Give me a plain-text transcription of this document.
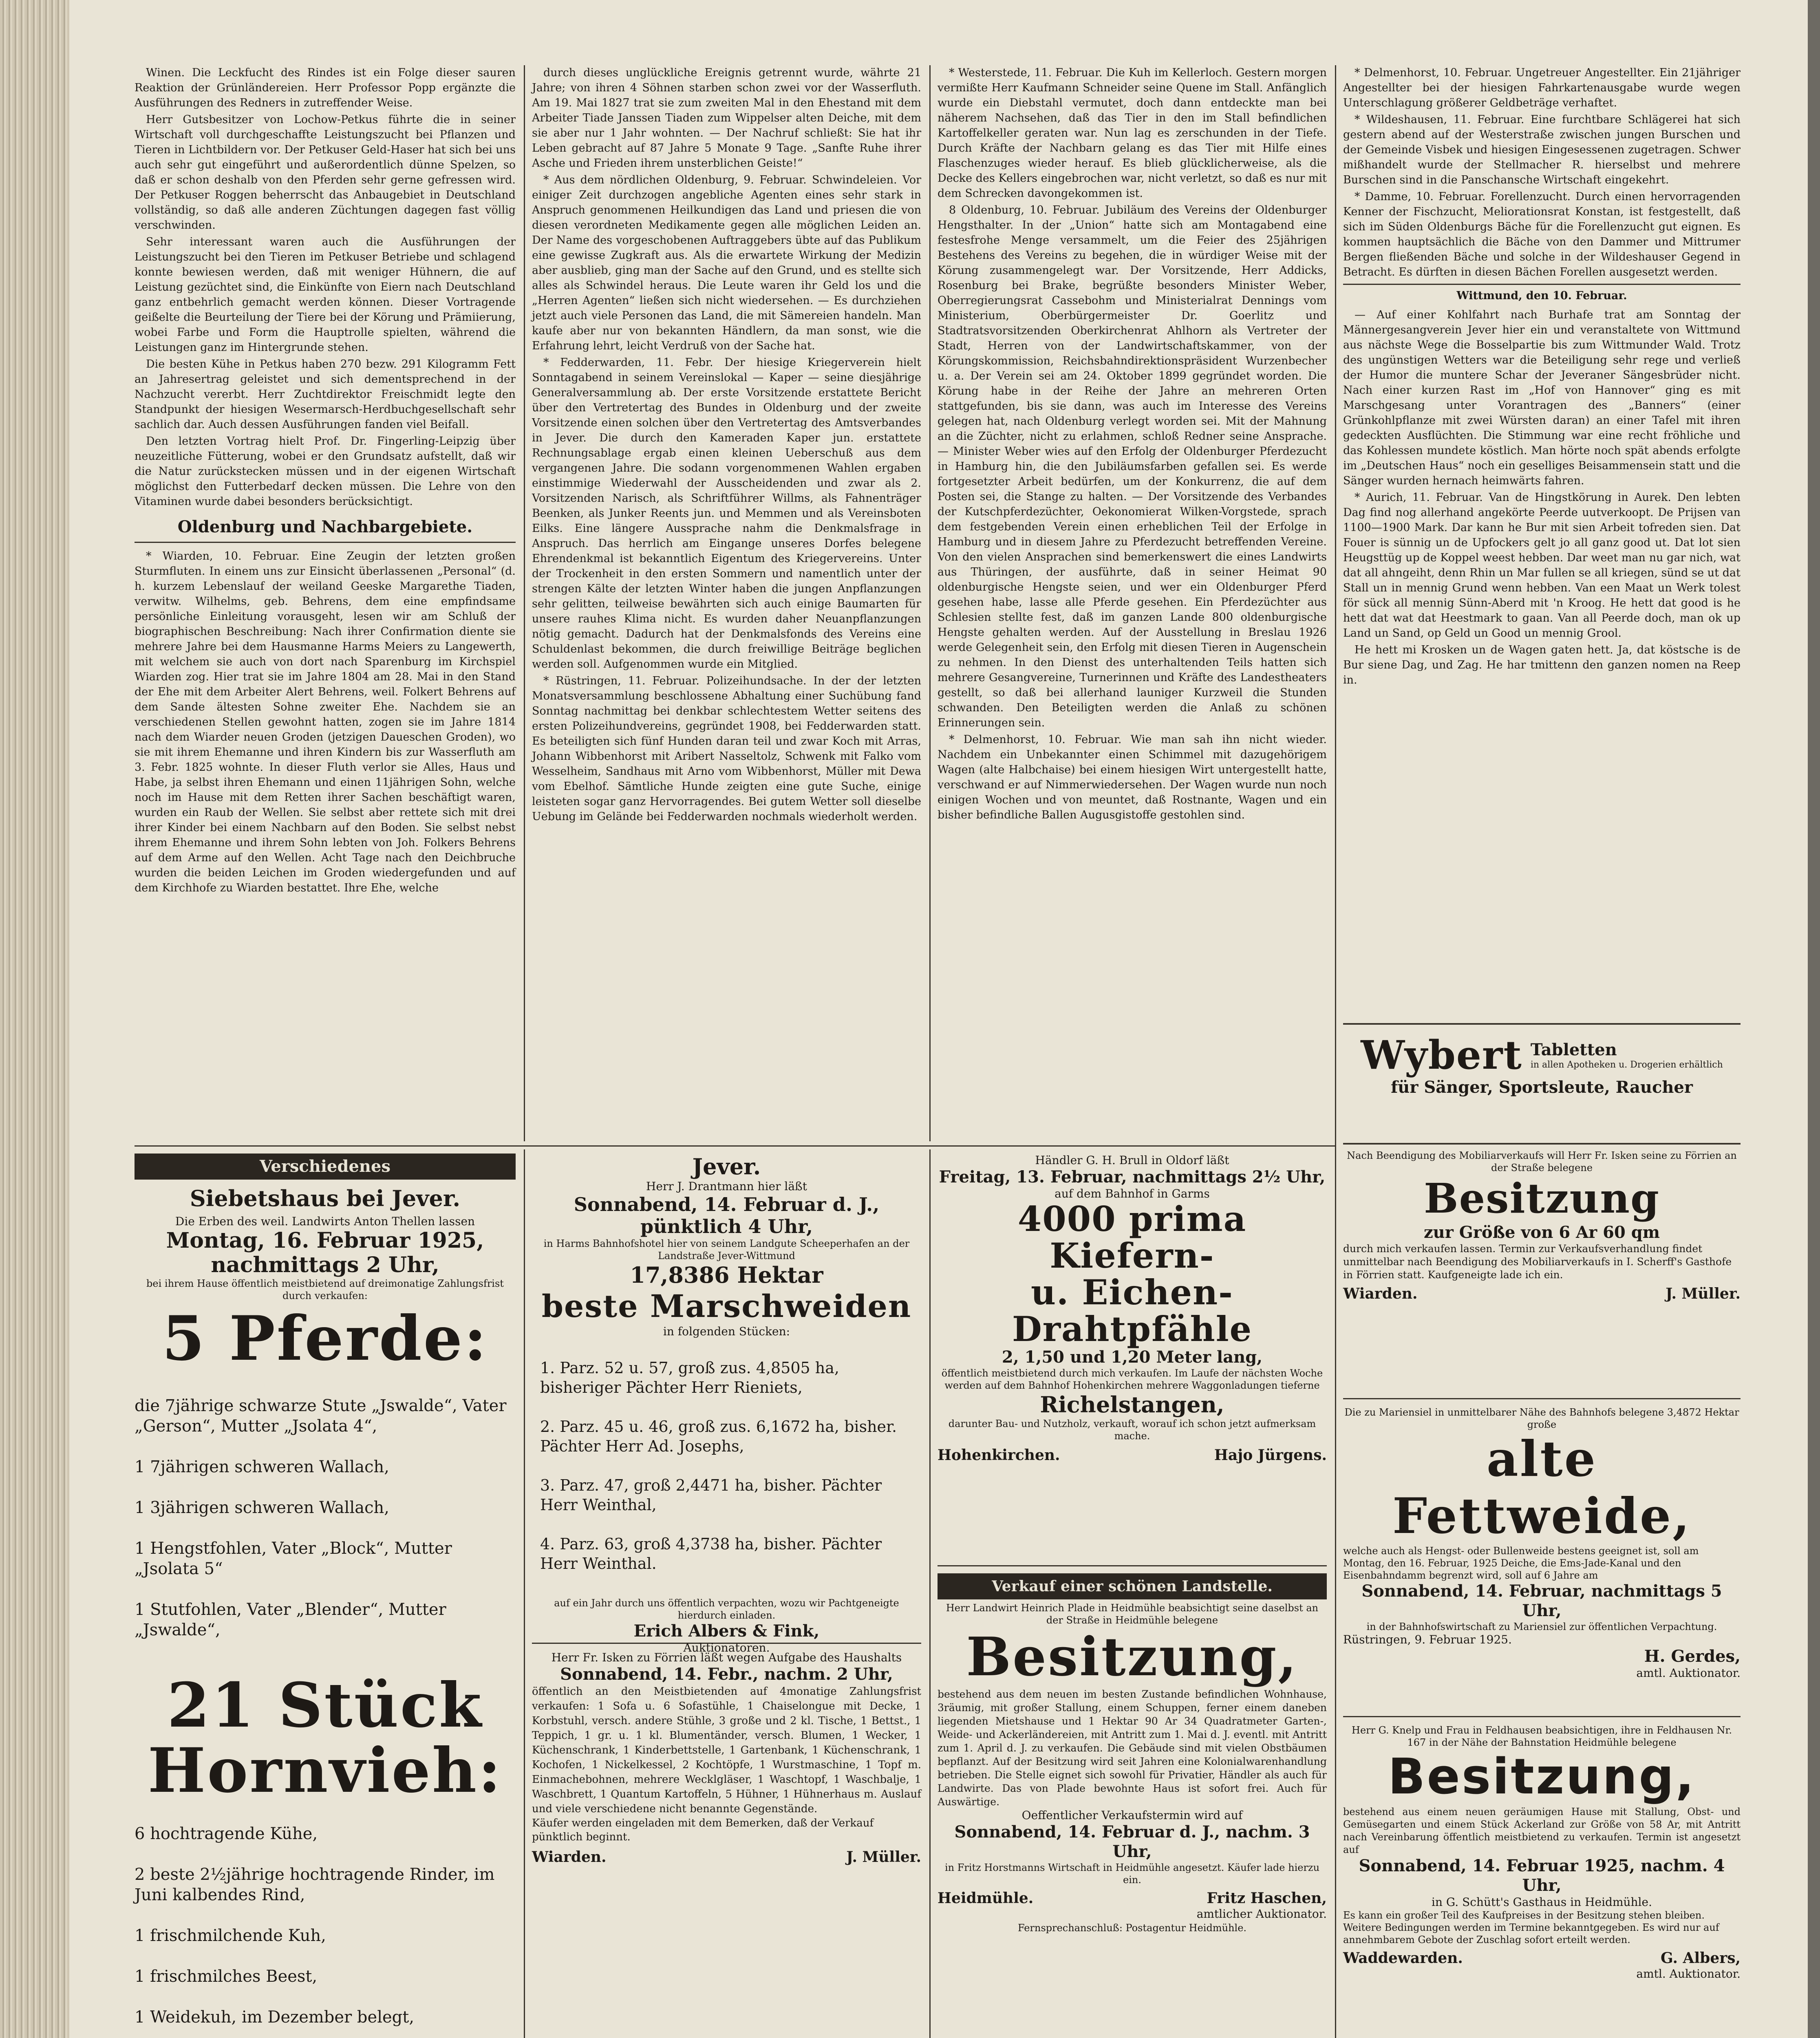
Winen. Die Leckfucht des Rindes ist ein Folge dieser sauren Reaktion der Grünländereien. Herr Professor Popp ergänzte die Ausführungen des Redners in zutreffender Weise.

Herr Gutsbesitzer von Lochow-Petkus führte die in seiner Wirtschaft voll durchgeschaffte Leistungszucht bei Pflanzen und Tieren in Lichtbildern vor. Der Petkuser Geld-Haser hat sich bei uns auch sehr gut eingeführt und außerordentlich dünne Spelzen, so daß er schon deshalb von den Pferden sehr gerne gefressen wird. Der Petkuser Roggen beherrscht das Anbaugebiet in Deutschland vollständig, so daß alle anderen Züchtungen dagegen fast völlig verschwinden.

Sehr interessant waren auch die Ausführungen der Leistungszucht bei den Tieren im Petkuser Betriebe und schlagend konnte bewiesen werden, daß mit weniger Hühnern, die auf Leistung gezüchtet sind, die Einkünfte von Eiern nach Deutschland ganz entbehrlich gemacht werden können. Dieser Vortragende geißelte die Beurteilung der Tiere bei der Körung und Prämiierung, wobei Farbe und Form die Hauptrolle spielten, während die Leistungen ganz im Hintergrunde stehen.

Die besten Kühe in Petkus haben 270 bezw. 291 Kilogramm Fett an Jahresertrag geleistet und sich dementsprechend in der Nachzucht vererbt. Herr Zuchtdirektor Freischmidt legte den Standpunkt der hiesigen Wesermarsch-Herdbuchgesellschaft sehr sachlich dar. Auch dessen Ausführungen fanden viel Beifall.

Den letzten Vortrag hielt Prof. Dr. Fingerling-Leipzig über neuzeitliche Fütterung, wobei er den Grundsatz aufstellt, daß wir die Natur zurückstecken müssen und in der eigenen Wirtschaft möglichst den Futterbedarf decken müssen. Die Lehre von den Vitaminen wurde dabei besonders berücksichtigt.

Oldenburg und Nachbargebiete.

* Wiarden, 10. Februar. Eine Zeugin der letzten großen Sturmfluten. In einem uns zur Einsicht überlassenen „Personal“ (d. h. kurzem Lebenslauf der weiland Geeske Margarethe Tiaden, verwitw. Wilhelms, geb. Behrens, dem eine empfindsame persönliche Einleitung vorausgeht, lesen wir am Schluß der biographischen Beschreibung: Nach ihrer Confirmation diente sie mehrere Jahre bei dem Hausmanne Harms Meiers zu Langewerth, mit welchem sie auch von dort nach Sparenburg im Kirchspiel Wiarden zog. Hier trat sie im Jahre 1804 am 28. Mai in den Stand der Ehe mit dem Arbeiter Alert Behrens, weil. Folkert Behrens auf dem Sande ältesten Sohne zweiter Ehe. Nachdem sie an verschiedenen Stellen gewohnt hatten, zogen sie im Jahre 1814 nach dem Wiarder neuen Groden (jetzigen Daueschen Groden), wo sie mit ihrem Ehemanne und ihren Kindern bis zur Wasserfluth am 3. Febr. 1825 wohnte. In dieser Fluth verlor sie Alles, Haus und Habe, ja selbst ihren Ehemann und einen 11jährigen Sohn, welche noch im Hause mit dem Retten ihrer Sachen beschäftigt waren, wurden ein Raub der Wellen. Sie selbst aber rettete sich mit drei ihrer Kinder bei einem Nachbarn auf den Boden. Sie selbst nebst ihrem Ehemanne und ihrem Sohn lebten von Joh. Folkers Behrens auf dem Arme auf den Wellen. Acht Tage nach den Deichbruche wurden die beiden Leichen im Groden wiedergefunden und auf dem Kirchhofe zu Wiarden bestattet. Ihre Ehe, welche

durch dieses unglückliche Ereignis getrennt wurde, währte 21 Jahre; von ihren 4 Söhnen starben schon zwei vor der Wasserfluth. Am 19. Mai 1827 trat sie zum zweiten Mal in den Ehestand mit dem Arbeiter Tiade Janssen Tiaden zum Wippelser alten Deiche, mit dem sie aber nur 1 Jahr wohnten. — Der Nachruf schließt: Sie hat ihr Leben gebracht auf 87 Jahre 5 Monate 9 Tage. „Sanfte Ruhe ihrer Asche und Frieden ihrem unsterblichen Geiste!“

* Aus dem nördlichen Oldenburg, 9. Februar. Schwindeleien. Vor einiger Zeit durchzogen angebliche Agenten eines sehr stark in Anspruch genommenen Heilkundigen das Land und priesen die von diesen verordneten Medikamente gegen alle möglichen Leiden an. Der Name des vorgeschobenen Auftraggebers übte auf das Publikum eine gewisse Zugkraft aus. Als die erwartete Wirkung der Medizin aber ausblieb, ging man der Sache auf den Grund, und es stellte sich alles als Schwindel heraus. Die Leute waren ihr Geld los und die „Herren Agenten“ ließen sich nicht wiedersehen. — Es durchziehen jetzt auch viele Personen das Land, die mit Sämereien handeln. Man kaufe aber nur von bekannten Händlern, da man sonst, wie die Erfahrung lehrt, leicht Verdruß von der Sache hat.

* Fedderwarden, 11. Febr. Der hiesige Kriegerverein hielt Sonntagabend in seinem Vereinslokal — Kaper — seine diesjährige Generalversammlung ab. Der erste Vorsitzende erstattete Bericht über den Vertretertag des Bundes in Oldenburg und der zweite Vorsitzende einen solchen über den Vertretertag des Amtsverbandes in Jever. Die durch den Kameraden Kaper jun. erstattete Rechnungsablage ergab einen kleinen Ueberschuß aus dem vergangenen Jahre. Die sodann vorgenommenen Wahlen ergaben einstimmige Wiederwahl der Ausscheidenden und zwar als 2. Vorsitzenden Narisch, als Schriftführer Willms, als Fahnenträger Beenken, als Junker Reents jun. und Memmen und als Vereinsboten Eilks. Eine längere Aussprache nahm die Denkmalsfrage in Anspruch. Das herrlich am Eingange unseres Dorfes belegene Ehrendenkmal ist bekanntlich Eigentum des Kriegervereins. Unter der Trockenheit in den ersten Sommern und namentlich unter der strengen Kälte der letzten Winter haben die jungen Anpflanzungen sehr gelitten, teilweise bewährten sich auch einige Baumarten für unsere rauhes Klima nicht. Es wurden daher Neuanpflanzungen nötig gemacht. Dadurch hat der Denkmalsfonds des Vereins eine Schuldenlast bekommen, die durch freiwillige Beiträge beglichen werden soll. Aufgenommen wurde ein Mitglied.

* Rüstringen, 11. Februar. Polizeihundsache. In der der letzten Monatsversammlung beschlossene Abhaltung einer Suchübung fand Sonntag nachmittag bei denkbar schlechtestem Wetter seitens des ersten Polizeihundvereins, gegründet 1908, bei Fedderwarden statt. Es beteiligten sich fünf Hunden daran teil und zwar Koch mit Arras, Johann Wibbenhorst mit Aribert Nasseltolz, Schwenk mit Falko vom Wesselheim, Sandhaus mit Arno vom Wibbenhorst, Müller mit Dewa vom Ebelhof. Sämtliche Hunde zeigten eine gute Suche, einige leisteten sogar ganz Hervorragendes. Bei gutem Wetter soll dieselbe Uebung im Gelände bei Fedderwarden nochmals wiederholt werden.

* Westerstede, 11. Februar. Die Kuh im Kellerloch. Gestern morgen vermißte Herr Kaufmann Schneider seine Quene im Stall. Anfänglich wurde ein Diebstahl vermutet, doch dann entdeckte man bei näherem Nachsehen, daß das Tier in den im Stall befindlichen Kartoffelkeller geraten war. Nun lag es zerschunden in der Tiefe. Durch Kräfte der Nachbarn gelang es das Tier mit Hilfe eines Flaschenzuges wieder herauf. Es blieb glücklicherweise, als die Decke des Kellers eingebrochen war, nicht verletzt, so daß es nur mit dem Schrecken davongekommen ist.

8 Oldenburg, 10. Februar. Jubiläum des Vereins der Oldenburger Hengsthalter. In der „Union“ hatte sich am Montagabend eine festesfrohe Menge versammelt, um die Feier des 25jährigen Bestehens des Vereins zu begehen, die in würdiger Weise mit der Körung zusammengelegt war. Der Vorsitzende, Herr Addicks, Rosenburg bei Brake, begrüßte besonders Minister Weber, Oberregierungsrat Cassebohm und Ministerialrat Dennings vom Ministerium, Oberbürgermeister Dr. Goerlitz und Stadtratsvorsitzenden Oberkirchenrat Ahlhorn als Vertreter der Stadt, Herren von der Landwirtschaftskammer, von der Körungskommission, Reichsbahndirektionspräsident Wurzenbecher u. a. Der Verein sei am 24. Oktober 1899 gegründet worden. Die Körung habe in der Reihe der Jahre an mehreren Orten stattgefunden, bis sie dann, was auch im Interesse des Vereins gelegen hat, nach Oldenburg verlegt worden sei. Mit der Mahnung an die Züchter, nicht zu erlahmen, schloß Redner seine Ansprache. — Minister Weber wies auf den Erfolg der Oldenburger Pferdezucht in Hamburg hin, die den Jubiläumsfarben gefallen sei. Es werde fortgesetzter Arbeit bedürfen, um der Konkurrenz, die auf dem Posten sei, die Stange zu halten. — Der Vorsitzende des Verbandes der Kutschpferdezüchter, Oekonomierat Wilken-Vorgstede, sprach dem festgebenden Verein einen erheblichen Teil der Erfolge in Hamburg und in diesem Jahre zu Pferdezucht betreffenden Vereine. Von den vielen Ansprachen sind bemerkenswert die eines Landwirts aus Thüringen, der ausführte, daß in seiner Heimat 90 oldenburgische Hengste seien, und wer ein Oldenburger Pferd gesehen habe, lasse alle Pferde gesehen. Ein Pferdezüchter aus Schlesien stellte fest, daß im ganzen Lande 800 oldenburgische Hengste gehalten werden. Auf der Ausstellung in Breslau 1926 werde Gelegenheit sein, den Erfolg mit diesen Tieren in Augenschein zu nehmen. In den Dienst des unterhaltenden Teils hatten sich mehrere Gesangvereine, Turnerinnen und Kräfte des Landestheaters gestellt, so daß bei allerhand launiger Kurzweil die Stunden schwanden. Den Beteiligten werden die Anlaß zu schönen Erinnerungen sein.

* Delmenhorst, 10. Februar. Wie man sah ihn nicht wieder. Nachdem ein Unbekannter einen Schimmel mit dazugehörigem Wagen (alte Halbchaise) bei einem hiesigen Wirt untergestellt hatte, verschwand er auf Nimmerwiedersehen. Der Wagen wurde nun noch einigen Wochen und von meuntet, daß Rostnante, Wagen und ein bisher befindliche Ballen Augusgistoffe gestohlen sind.

* Delmenhorst, 10. Februar. Ungetreuer Angestellter. Ein 21jähriger Angestellter bei der hiesigen Fahrkartenausgabe wurde wegen Unterschlagung größerer Geldbeträge verhaftet.

* Wildeshausen, 11. Februar. Eine furchtbare Schlägerei hat sich gestern abend auf der Westerstraße zwischen jungen Burschen und der Gemeinde Visbek und hiesigen Eingesessenen zugetragen. Schwer mißhandelt wurde der Stellmacher R. hierselbst und mehrere Burschen sind in die Panschansche Wirtschaft eingekehrt.

* Damme, 10. Februar. Forellenzucht. Durch einen hervorragenden Kenner der Fischzucht, Meliorationsrat Konstan, ist festgestellt, daß sich im Süden Oldenburgs Bäche für die Forellenzucht gut eignen. Es kommen hauptsächlich die Bäche von den Dammer und Mittrumer Bergen fließenden Bäche und solche in der Wildeshauser Gegend in Betracht. Es dürften in diesen Bächen Forellen ausgesetzt werden.

Wittmund, den 10. Februar.

— Auf einer Kohlfahrt nach Burhafe trat am Sonntag der Männergesangverein Jever hier ein und veranstaltete von Wittmund aus nächste Wege die Bosselpartie bis zum Wittmunder Wald. Trotz des ungünstigen Wetters war die Beteiligung sehr rege und verließ der Humor die muntere Schar der Jeveraner Sängesbrüder nicht. Nach einer kurzen Rast im „Hof von Hannover“ ging es mit Marschgesang unter Vorantragen des „Banners“ (einer Grünkohlpflanze mit zwei Würsten daran) an einer Tafel mit ihren gedeckten Ausflüchten. Die Stimmung war eine recht fröhliche und das Kohlessen mundete köstlich. Man hörte noch spät abends erfolgte im „Deutschen Haus“ noch ein geselliges Beisammensein statt und die Sänger wurden hernach heimwärts fahren.

* Aurich, 11. Februar. Van de Hingstkörung in Aurek. Den lebten Dag find nog allerhand angekörte Peerde uutverkoopt. De Prijsen van 1100—1900 Mark. Dar kann he Bur mit sien Arbeit tofreden sien. Dat Fouer is sünnig un de Upfockers gelt jo all ganz good ut. Dat lot sien Heugsttüg up de Koppel weest hebben. Dar weet man nu gar nich, wat dat all ahngeiht, denn Rhin un Mar fullen se all kriegen, sünd se ut dat Stall un in mennig Grund wenn hebben. Van een Maat un Werk tolest för sück all mennig Sünn-Aberd mit 'n Kroog. He hett dat good is he hett dat wat dat Heestmark to gaan. Van all Peerde doch, man ok up Land un Sand, op Geld un Good un mennig Grool.

He hett mi Krosken un de Wagen gaten hett. Ja, dat köstsche is de Bur siene Dag, und Zag. He har tmittenn den ganzen nomen na Reep in.

Wybert Tabletten
in allen Apotheken u. Drogerien erhältlich
für Sänger, Sportsleute, Raucher
Verschiedenes
Siebetshaus bei Jever.
Die Erben des weil. Landwirts Anton Thellen lassen
Montag, 16. Februar 1925, nachmittags 2 Uhr,
bei ihrem Hause öffentlich meistbietend auf dreimonatige Zahlungsfrist durch verkaufen:
5 Pferde:

die 7jährige schwarze Stute „Jswalde“, Vater „Gerson“, Mutter „Jsolata 4“,

1 7jährigen schweren Wallach,

1 3jährigen schweren Wallach,

1 Hengstfohlen, Vater „Block“, Mutter „Jsolata 5“

1 Stutfohlen, Vater „Blender“, Mutter „Jswalde“,

21 Stück
Hornvieh:

6 hochtragende Kühe,

2 beste 2½jährige hochtragende Rinder, im Juni kalbendes Rind,

1 frischmilchende Kuh,

1 frischmilches Beest,

1 Weidekuh, im Dezember belegt,

Jever.
Herr J. Drantmann hier läßt
Sonnabend, 14. Februar d. J., pünktlich 4 Uhr,
in Harms Bahnhofshotel hier von seinem Landgute Scheeperhafen an der Landstraße Jever-Wittmund
17,8386 Hektar
beste Marschweiden
in folgenden Stücken:

1. Parz. 52 u. 57, groß zus. 4,8505 ha, bisheriger Pächter Herr Rieniets,

2. Parz. 45 u. 46, groß zus. 6,1672 ha, bisher. Pächter Herr Ad. Josephs,

3. Parz. 47, groß 2,4471 ha, bisher. Pächter Herr Weinthal,

4. Parz. 63, groß 4,3738 ha, bisher. Pächter Herr Weinthal.

auf ein Jahr durch uns öffentlich verpachten, wozu wir Pachtgeneigte hierdurch einladen.
Erich Albers & Fink,
Auktionatoren.
Herr Fr. Isken zu Förrien läßt wegen Aufgabe des Haushalts
Sonnabend, 14. Febr., nachm. 2 Uhr,
öffentlich an den Meistbietenden auf 4monatige Zahlungsfrist verkaufen: 1 Sofa u. 6 Sofastühle, 1 Chaiselongue mit Decke, 1 Korbstuhl, versch. andere Stühle, 3 große und 2 kl. Tische, 1 Bettst., 1 Teppich, 1 gr. u. 1 kl. Blumentänder, versch. Blumen, 1 Wecker, 1 Küchenschrank, 1 Kinderbettstelle, 1 Gartenbank, 1 Küchenschrank, 1 Kochofen, 1 Nickelkessel, 2 Kochtöpfe, 1 Wurstmaschine, 1 Topf m. Einmachebohnen, mehrere Wecklgläser, 1 Waschtopf, 1 Waschbalje, 1 Waschbrett, 1 Quantum Kartoffeln, 5 Hühner, 1 Hühnerhaus m. Auslauf und viele verschiedene nicht benannte Gegenstände.
Käufer werden eingeladen mit dem Bemerken, daß der Verkauf pünktlich beginnt.
Wiarden.	J. Müller.
Händler G. H. Brull in Oldorf läßt
Freitag, 13. Februar, nachmittags 2½ Uhr,
auf dem Bahnhof in Garms
4000 prima Kiefern-
u. Eichen-Drahtpfähle
2, 1,50 und 1,20 Meter lang,
öffentlich meistbietend durch mich verkaufen. Im Laufe der nächsten Woche werden auf dem Bahnhof Hohenkirchen mehrere Waggonladungen tieferne
Richelstangen,
darunter Bau- und Nutzholz, verkauft, worauf ich schon jetzt aufmerksam mache.
Hohenkirchen.	Hajo Jürgens.
Verkauf einer schönen Landstelle.
Herr Landwirt Heinrich Plade in Heidmühle beabsichtigt seine daselbst an der Straße in Heidmühle belegene
Besitzung,
bestehend aus dem neuen im besten Zustande befindlichen Wohnhause, 3räumig, mit großer Stallung, einem Schuppen, ferner einem daneben liegenden Mietshause und 1 Hektar 90 Ar 34 Quadratmeter Garten-, Weide- und Ackerländereien, mit Antritt zum 1. Mai d. J. eventl. mit Antritt zum 1. April d. J. zu verkaufen. Die Gebäude sind mit vielen Obstbäumen bepflanzt. Auf der Besitzung wird seit Jahren eine Kolonialwarenhandlung betrieben. Die Stelle eignet sich sowohl für Privatier, Händler als auch für Landwirte. Das von Plade bewohnte Haus ist sofort frei. Auch für Auswärtige.
Oeffentlicher Verkaufstermin wird auf
Sonnabend, 14. Februar d. J., nachm. 3 Uhr,
in Fritz Horstmanns Wirtschaft in Heidmühle angesetzt. Käufer lade hierzu ein.
Heidmühle.	Fritz Haschen,
amtlicher Auktionator.
Fernsprechanschluß: Postagentur Heidmühle.
Nach Beendigung des Mobiliarverkaufs will Herr Fr. Isken seine zu Förrien an der Straße belegene
Besitzung
zur Größe von 6 Ar 60 qm
durch mich verkaufen lassen. Termin zur Verkaufsverhandlung findet unmittelbar nach Beendigung des Mobiliarverkaufs in I. Scherff's Gasthofe in Förrien statt. Kaufgeneigte lade ich ein.
Wiarden.	J. Müller.
Die zu Mariensiel in unmittelbarer Nähe des Bahnhofs belegene 3,4872 Hektar große
alte Fettweide,
welche auch als Hengst- oder Bullenweide bestens geeignet ist, soll am Montag, den 16. Februar, 1925 Deiche, die Ems-Jade-Kanal und den Eisenbahndamm begrenzt wird, soll auf 6 Jahre am
Sonnabend, 14. Februar, nachmittags 5 Uhr,
in der Bahnhofswirtschaft zu Mariensiel zur öffentlichen Verpachtung.
Rüstringen, 9. Februar 1925.
H. Gerdes,
amtl. Auktionator.
Herr G. Knelp und Frau in Feldhausen beabsichtigen, ihre in Feldhausen Nr. 167 in der Nähe der Bahnstation Heidmühle belegene
Besitzung,
bestehend aus einem neuen geräumigen Hause mit Stallung, Obst- und Gemüsegarten und einem Stück Ackerland zur Größe von 58 Ar, mit Antritt nach Vereinbarung öffentlich meistbietend zu verkaufen. Termin ist angesetzt auf
Sonnabend, 14. Februar 1925, nachm. 4 Uhr,
in G. Schütt's Gasthaus in Heidmühle.
Es kann ein großer Teil des Kaufpreises in der Besitzung stehen bleiben. Weitere Bedingungen werden im Termine bekanntgegeben. Es wird nur auf annehmbarem Gebote der Zuschlag sofort erteilt werden.
Waddewarden.	G. Albers,
amtl. Auktionator.
